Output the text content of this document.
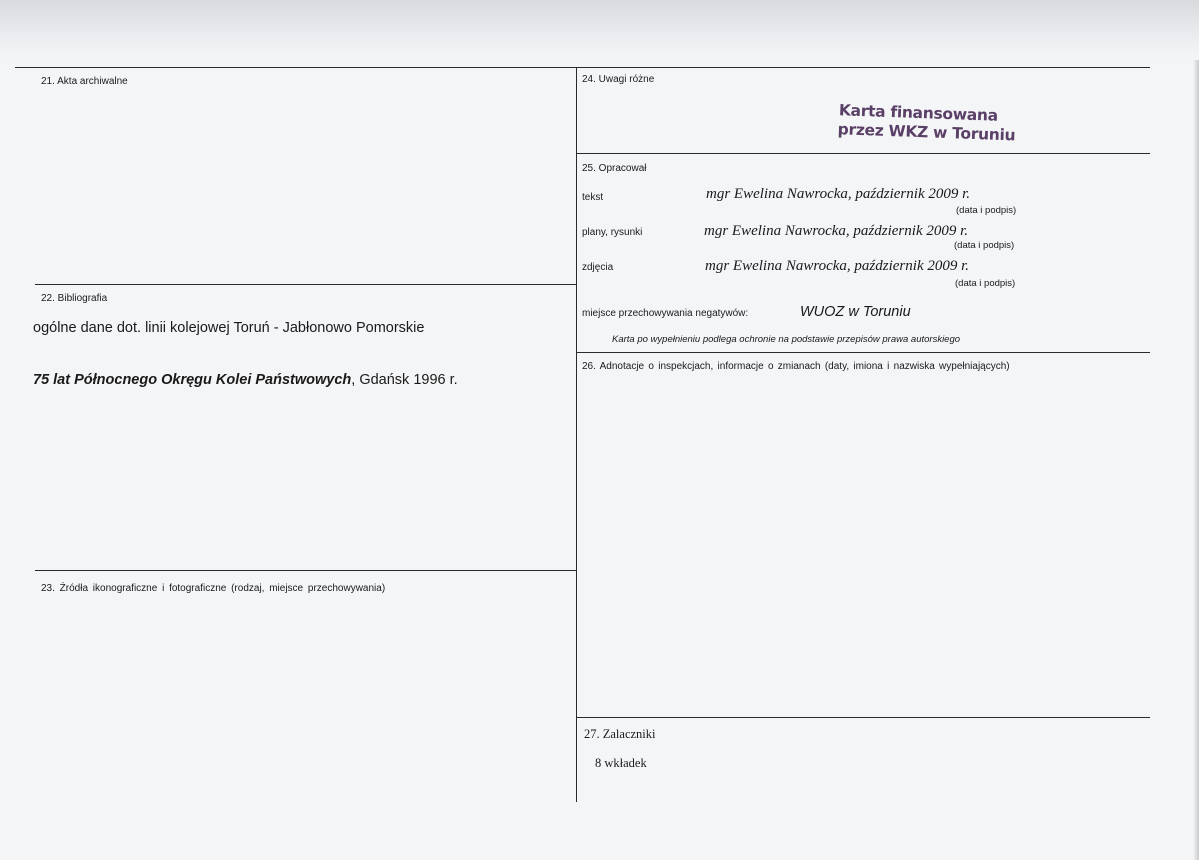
21. Akta archiwalne
22. Bibliografia
ogólne dane dot. linii kolejowej Toruń - Jabłonowo Pomorskie
75 lat Północnego Okręgu Kolei Państwowych, Gdańsk 1996 r.
23. Źródła ikonograficzne i fotograficzne (rodzaj, miejsce przechowywania)
24. Uwagi różne
Karta finansowana
przez WKZ w Toruniu
25. Opracował
tekst	mgr Ewelina Nawrocka, październik 2009 r.
(data i podpis)
plany, rysunki	mgr Ewelina Nawrocka, październik 2009 r.
(data i podpis)
zdjęcia	mgr Ewelina Nawrocka, październik 2009 r.
(data i podpis)
miejsce przechowywania negatywów:	WUOZ w Toruniu
Karta po wypełnieniu podlega ochronie na podstawie przepisów prawa autorskiego
26. Adnotacje o inspekcjach, informacje o zmianach (daty, imiona i nazwiska wypełniających)
27. Zalaczniki
8 wkładek
